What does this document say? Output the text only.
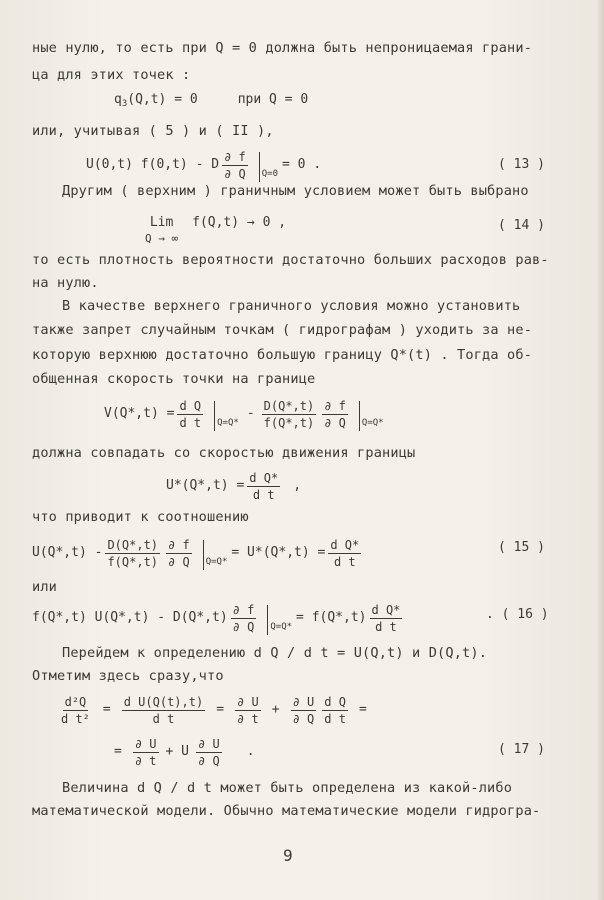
ные нулю, то есть при Q = 0 должна быть непроницаемая грани-
ца для этих точек :
q 3 (Q,t) = 0	при Q = 0
или, учитывая ( 5 ) и ( II ),
U(0,t) f(0,t) - D $\frac{\partial f}{\partial Q} Q=0$
= 0 .	( 13 )
Другим ( верхним ) граничным условием может быть выбрано
Lim
Q → ∞
f(Q,t) → 0 ,	( 14 )
то есть плотность вероятности достаточно больших расходов рав-
на нулю.
В качестве верхнего граничного условия можно установить
также запрет случайным точкам ( гидрографам ) уходить за не-
которую верхнюю достаточно большую границу Q*(t) . Тогда об-
общенная скорость точки на границе
$V(Q*,t) = \frac{\text{d Q}}{\text{d t}} Q=Q*$
- $\frac{D(Q*,t)}{f(Q*,t)} \frac{\partial f}{\partial Q} Q=Q*$
должна совпадать со скоростью движения границы
$U*(Q*,t) = \frac{\text{d Q*}}{\text{d t}}$ ,
что приводит к соотношению
$U(Q*,t) - \frac{D(Q*,t)}{f(Q*,t)} \frac{\partial f}{\partial Q} Q=Q*$
= $U*(Q*,t) = \frac{\text{d Q*}}{\text{d t}}$	( 15 )
или
f(Q*,t) $U(Q*,t) - D(Q*,t) \frac{\partial f}{\partial Q} Q=Q*$
= $f(Q*,t) \frac{\text{d Q*}}{\text{d t}}$	. ( 16 )
Перейдем к определению d Q / d t = U(Q,t) и D(Q,t).
Отметим здесь сразу,что
$\frac{\text{d²Q}}{\text{d t²}} = \frac{\text{d U(Q(t),t)}}{\text{d t}} = \frac{\partial U}{\partial t} + \frac{\partial U}{\partial Q} \frac{\text{d Q}}{\text{d t}}$ =
= $\frac{\partial U}{\partial t} + U \frac{\partial U}{\partial Q}$ .	( 17 )
Величина d Q / d t может быть определена из какой-либо
математической модели. Обычно математические модели гидрогра-
9
